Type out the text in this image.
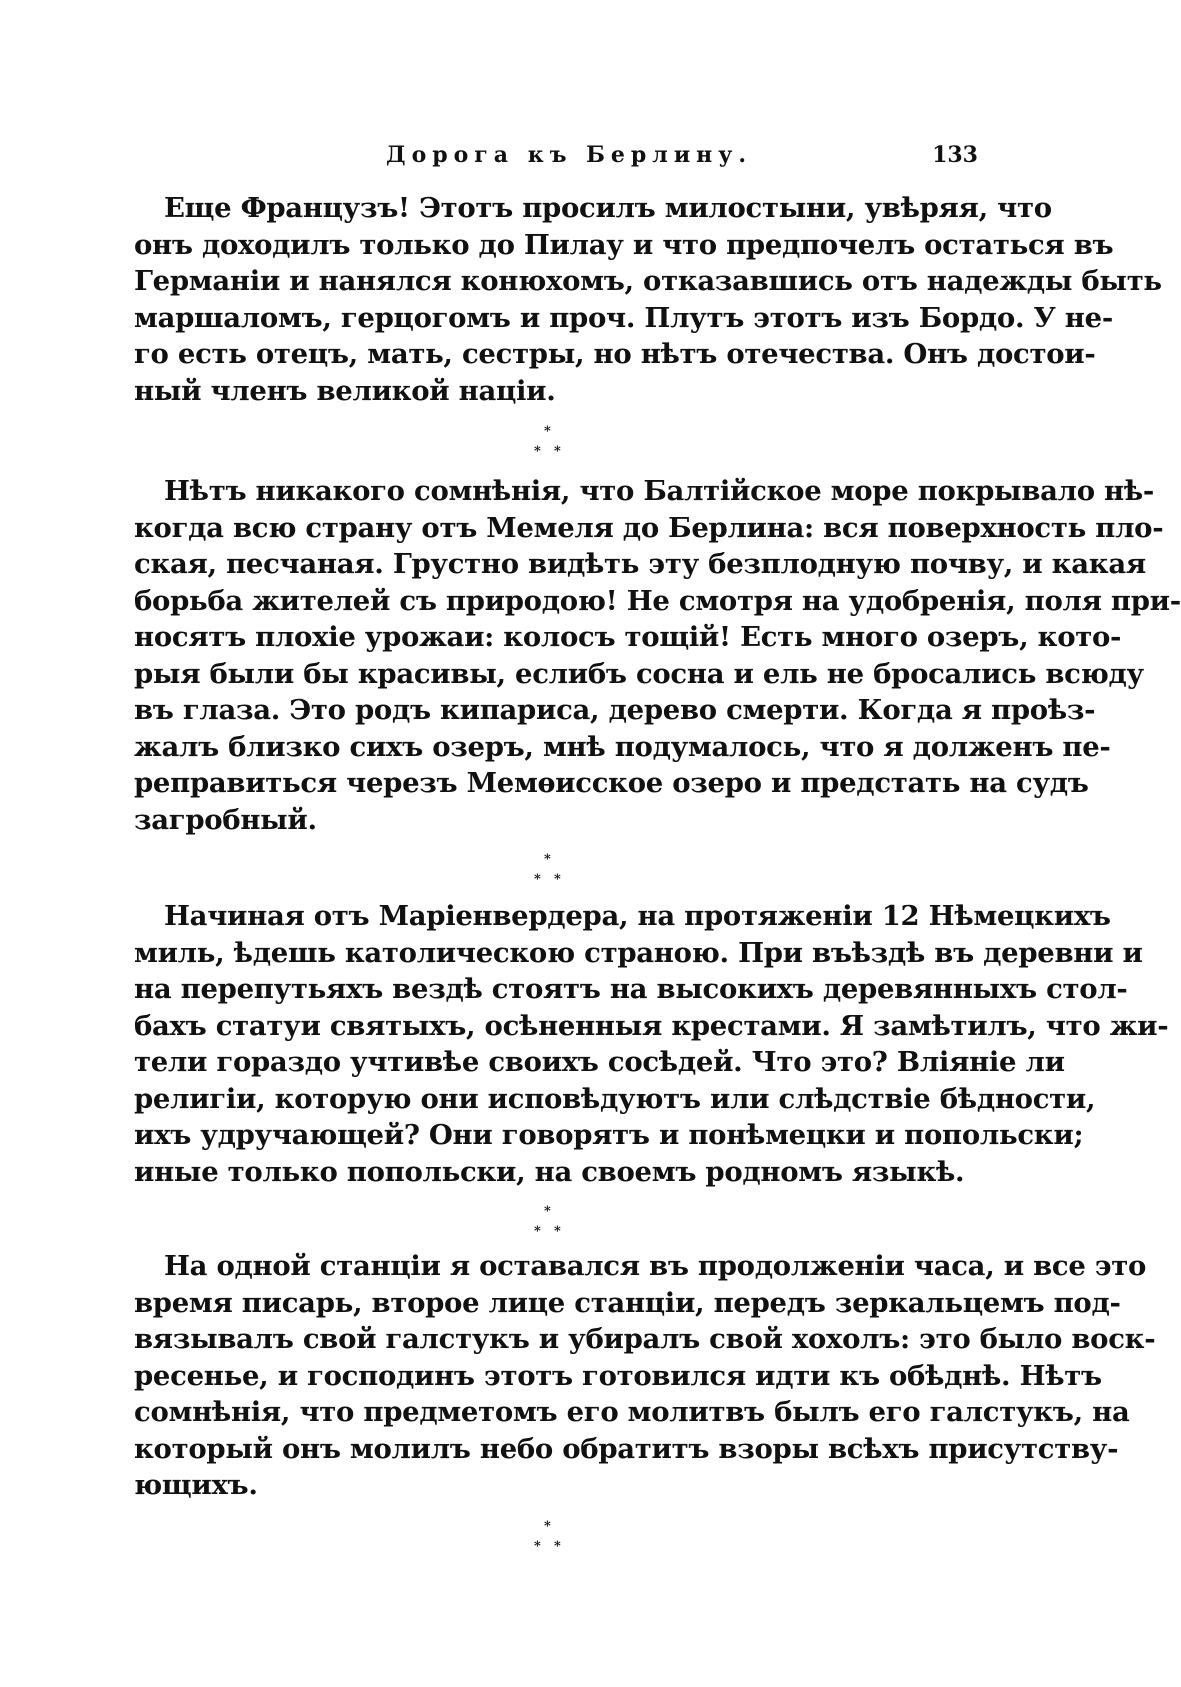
Дорога къ Берлину.	133
Еще Французъ! Этотъ просилъ милостыни, увѣряя, что
онъ доходилъ только до Пилау и что предпочелъ остаться въ
Германіи и нанялся конюхомъ, отказавшись отъ надежды быть
маршаломъ, герцогомъ и проч. Плутъ этотъ изъ Бордо. У не-
го есть отецъ, мать, сестры, но нѣтъ отечества. Онъ достои-
ный членъ великой націи.
*
* *
Нѣтъ никакого сомнѣнія, что Балтійское море покрывало нѣ-
когда всю страну отъ Мемеля до Берлина: вся поверхность пло-
ская, песчаная. Грустно видѣть эту безплодную почву, и какая
борьба жителей съ природою! Не смотря на удобренія, поля при-
носятъ плохіе урожаи: колосъ тощій! Есть много озеръ, кото-
рыя были бы красивы, еслибъ сосна и ель не бросались всюду
въ глаза. Это родъ кипариса, дерево смерти. Когда я проѣз-
жалъ близко сихъ озеръ, мнѣ подумалось, что я долженъ пе-
реправиться черезъ Мемѳисское озеро и предстать на судъ
загробный.
*
* *
Начиная отъ Маріенвердера, на протяженіи 12 Нѣмецкихъ
миль, ѣдешь католическою страною. При въѣздѣ въ деревни и
на перепутьяхъ вездѣ стоятъ на высокихъ деревянныхъ стол-
бахъ статуи святыхъ, осѣненныя крестами. Я замѣтилъ, что жи-
тели гораздо учтивѣе своихъ сосѣдей. Что это? Вліяніе ли
религіи, которую они исповѣдуютъ или слѣдствіе бѣдности,
ихъ удручающей? Они говорятъ и понѣмецки и попольски;
иные только попольски, на своемъ родномъ языкѣ.
*
* *
На одной станціи я оставался въ продолженіи часа, и все это
время писарь, второе лице станціи, передъ зеркальцемъ под-
вязывалъ свой галстукъ и убиралъ свой хохолъ: это было воск-
ресенье, и господинъ этотъ готовился идти къ обѣднѣ. Нѣтъ
сомнѣнія, что предметомъ его молитвъ былъ его галстукъ, на
который онъ молилъ небо обратитъ взоры всѣхъ присутству-
ющихъ.
*
* *
